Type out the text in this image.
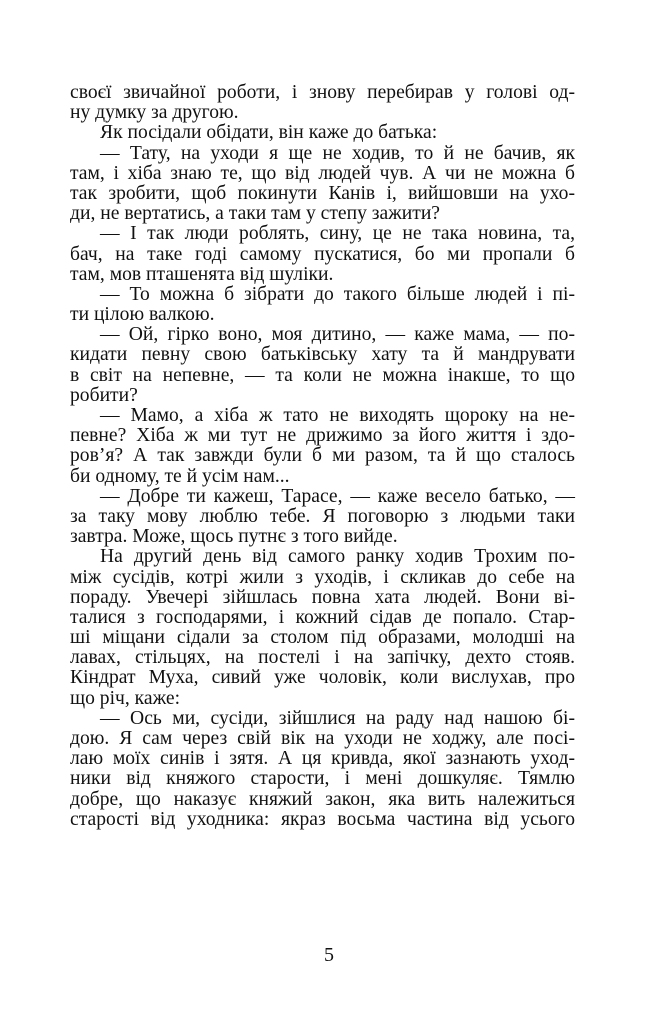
своєї звичайної роботи, і знову перебирав у голові од-
ну думку за другою.
Як посідали обідати, він каже до батька:
— Тату, на уходи я ще не ходив, то й не бачив, як
там, і хіба знаю те, що від людей чув. А чи не можна б
так зробити, щоб покинути Канів і, вийшовши на ухо-
ди, не вертатись, а таки там у степу зажити?
— І так люди роблять, сину, це не така новина, та,
бач, на таке годі самому пускатися, бо ми пропали б
там, мов пташенята від шуліки.
— То можна б зібрати до такого більше людей і пі-
ти цілою валкою.
— Ой, гірко воно, моя дитино, — каже мама, — по-
кидати певну свою батьківську хату та й мандрувати
в світ на непевне, — та коли не можна інакше, то що
робити?
— Мамо, а хіба ж тато не виходять щороку на не-
певне? Хіба ж ми тут не дрижимо за його життя і здо-
ров’я? А так завжди були б ми разом, та й що сталось
би одному, те й усім нам...
— Добре ти кажеш, Тарасе, — каже весело батько, —
за таку мову люблю тебе. Я поговорю з людьми таки
завтра. Може, щось путнє з того вийде.
На другий день від самого ранку ходив Трохим по-
між сусідів, котрі жили з уходів, і скликав до себе на
пораду. Увечері зійшлась повна хата людей. Вони ві-
талися з господарями, і кожний сідав де попало. Стар-
ші міщани сідали за столом під образами, молодші на
лавах, стільцях, на постелі і на запічку, дехто стояв.
Кіндрат Муха, сивий уже чоловік, коли вислухав, про
що річ, каже:
— Ось ми, сусіди, зійшлися на раду над нашою бі-
дою. Я сам через свій вік на уходи не ходжу, але посі-
лаю моїх синів і зятя. А ця кривда, якої зазнають уход-
ники від княжого старости, і мені дошкуляє. Тямлю
добре, що наказує княжий закон, яка вить належиться
старості від уходника: якраз восьма частина від усього
5
